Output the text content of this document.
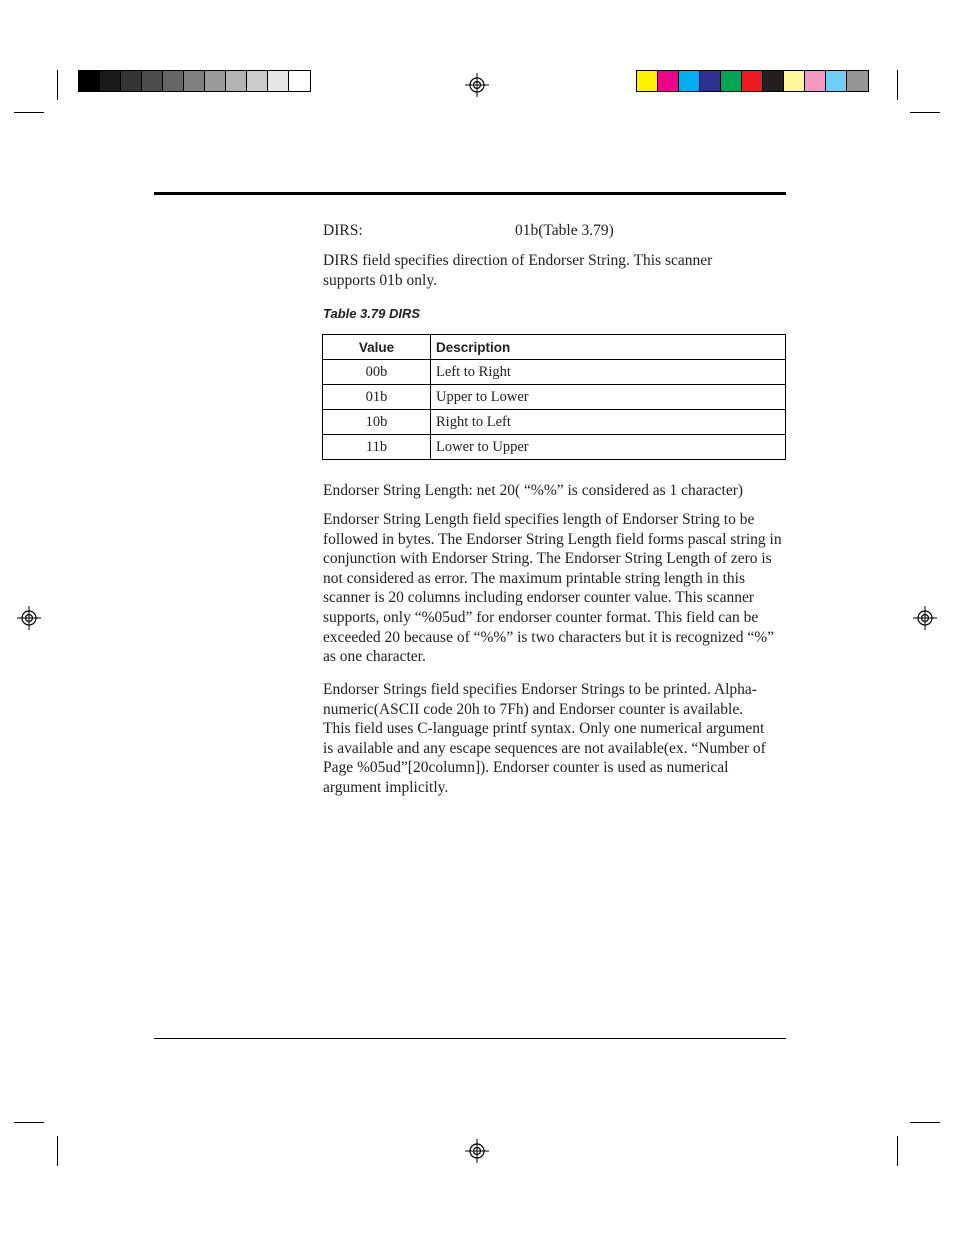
DIRS:	01b(Table 3.79)
DIRS field specifies direction of Endorser String. This scanner supports 01b only.
Table 3.79 DIRS
Value	Description
00b	Left to Right
01b	Upper to Lower
10b	Right to Left
11b	Lower to Upper
Endorser String Length: net 20( “%%” is considered as 1 character)
Endorser String Length field specifies length of Endorser String to be followed in bytes. The Endorser String Length field forms pascal string in conjunction with Endorser String. The Endorser String Length of zero is not considered as error. The maximum printable string length in this scanner is 20 columns including endorser counter value. This scanner supports, only “%05ud” for endorser counter format. This field can be exceeded 20 because of “%%” is two characters but it is recognized “%” as one character.
Endorser Strings field specifies Endorser Strings to be printed. Alpha-numeric(ASCII code 20h to 7Fh) and Endorser counter is available. This field uses C-language printf syntax. Only one numerical argument is available and any escape sequences are not available(ex. “Number of Page %05ud”[20column]). Endorser counter is used as numerical argument implicitly.
